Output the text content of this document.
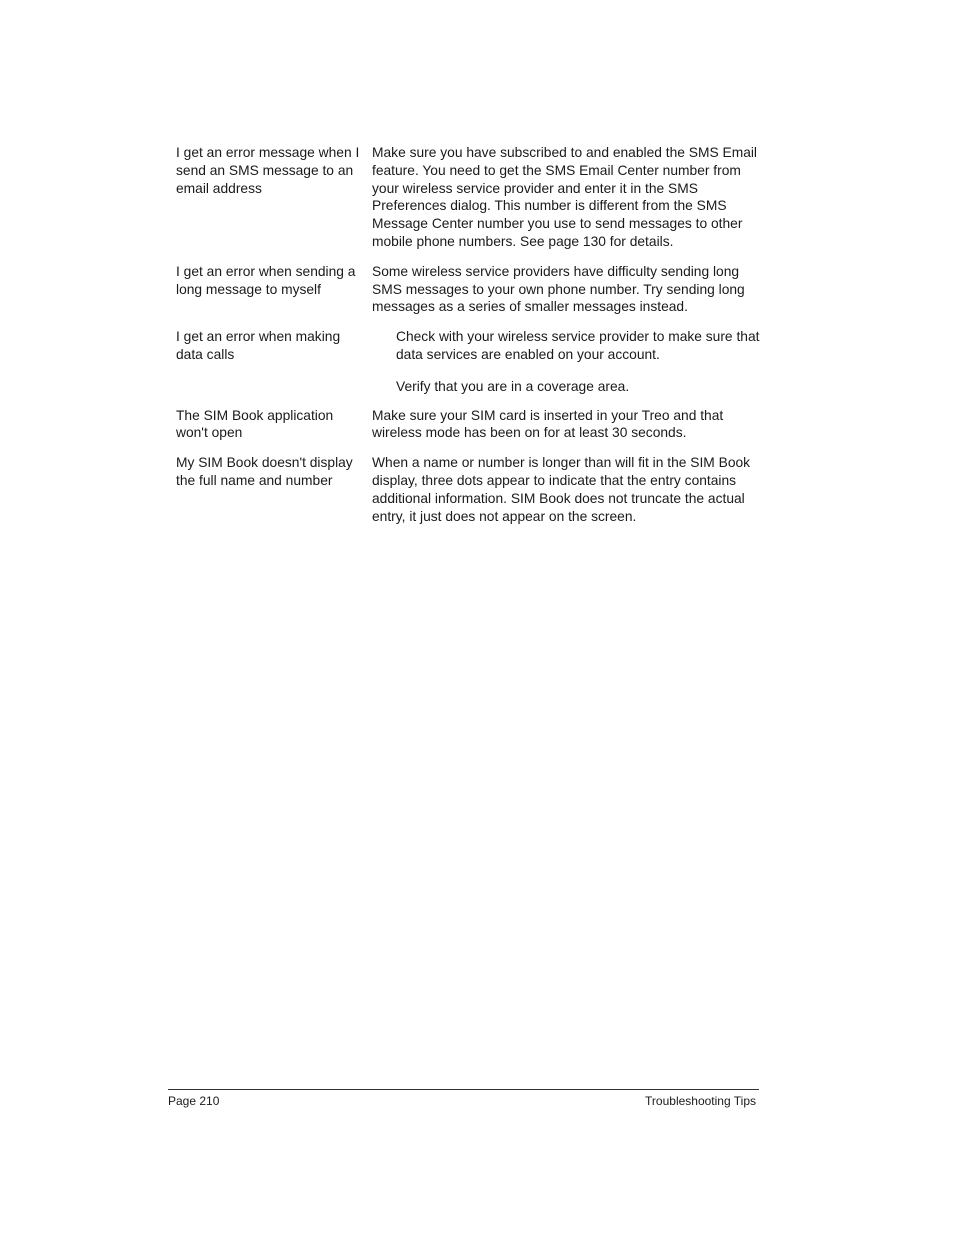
I get an error message when I send an SMS message to an email address
Make sure you have subscribed to and enabled the SMS Email feature. You need to get the SMS Email Center number from your wireless service provider and enter it in the SMS Preferences dialog. This number is different from the SMS Message Center number you use to send messages to other mobile phone numbers. See page 130 for details.
I get an error when sending a long message to myself
Some wireless service providers have difficulty sending long SMS messages to your own phone number. Try sending long messages as a series of smaller messages instead.
I get an error when making data calls
Check with your wireless service provider to make sure that data services are enabled on your account.
Verify that you are in a coverage area.
The SIM Book application won't open
Make sure your SIM card is inserted in your Treo and that wireless mode has been on for at least 30 seconds.
My SIM Book doesn't display the full name and number
When a name or number is longer than will fit in the SIM Book display, three dots appear to indicate that the entry contains additional information. SIM Book does not truncate the actual entry, it just does not appear on the screen.
Page 210	Troubleshooting Tips
